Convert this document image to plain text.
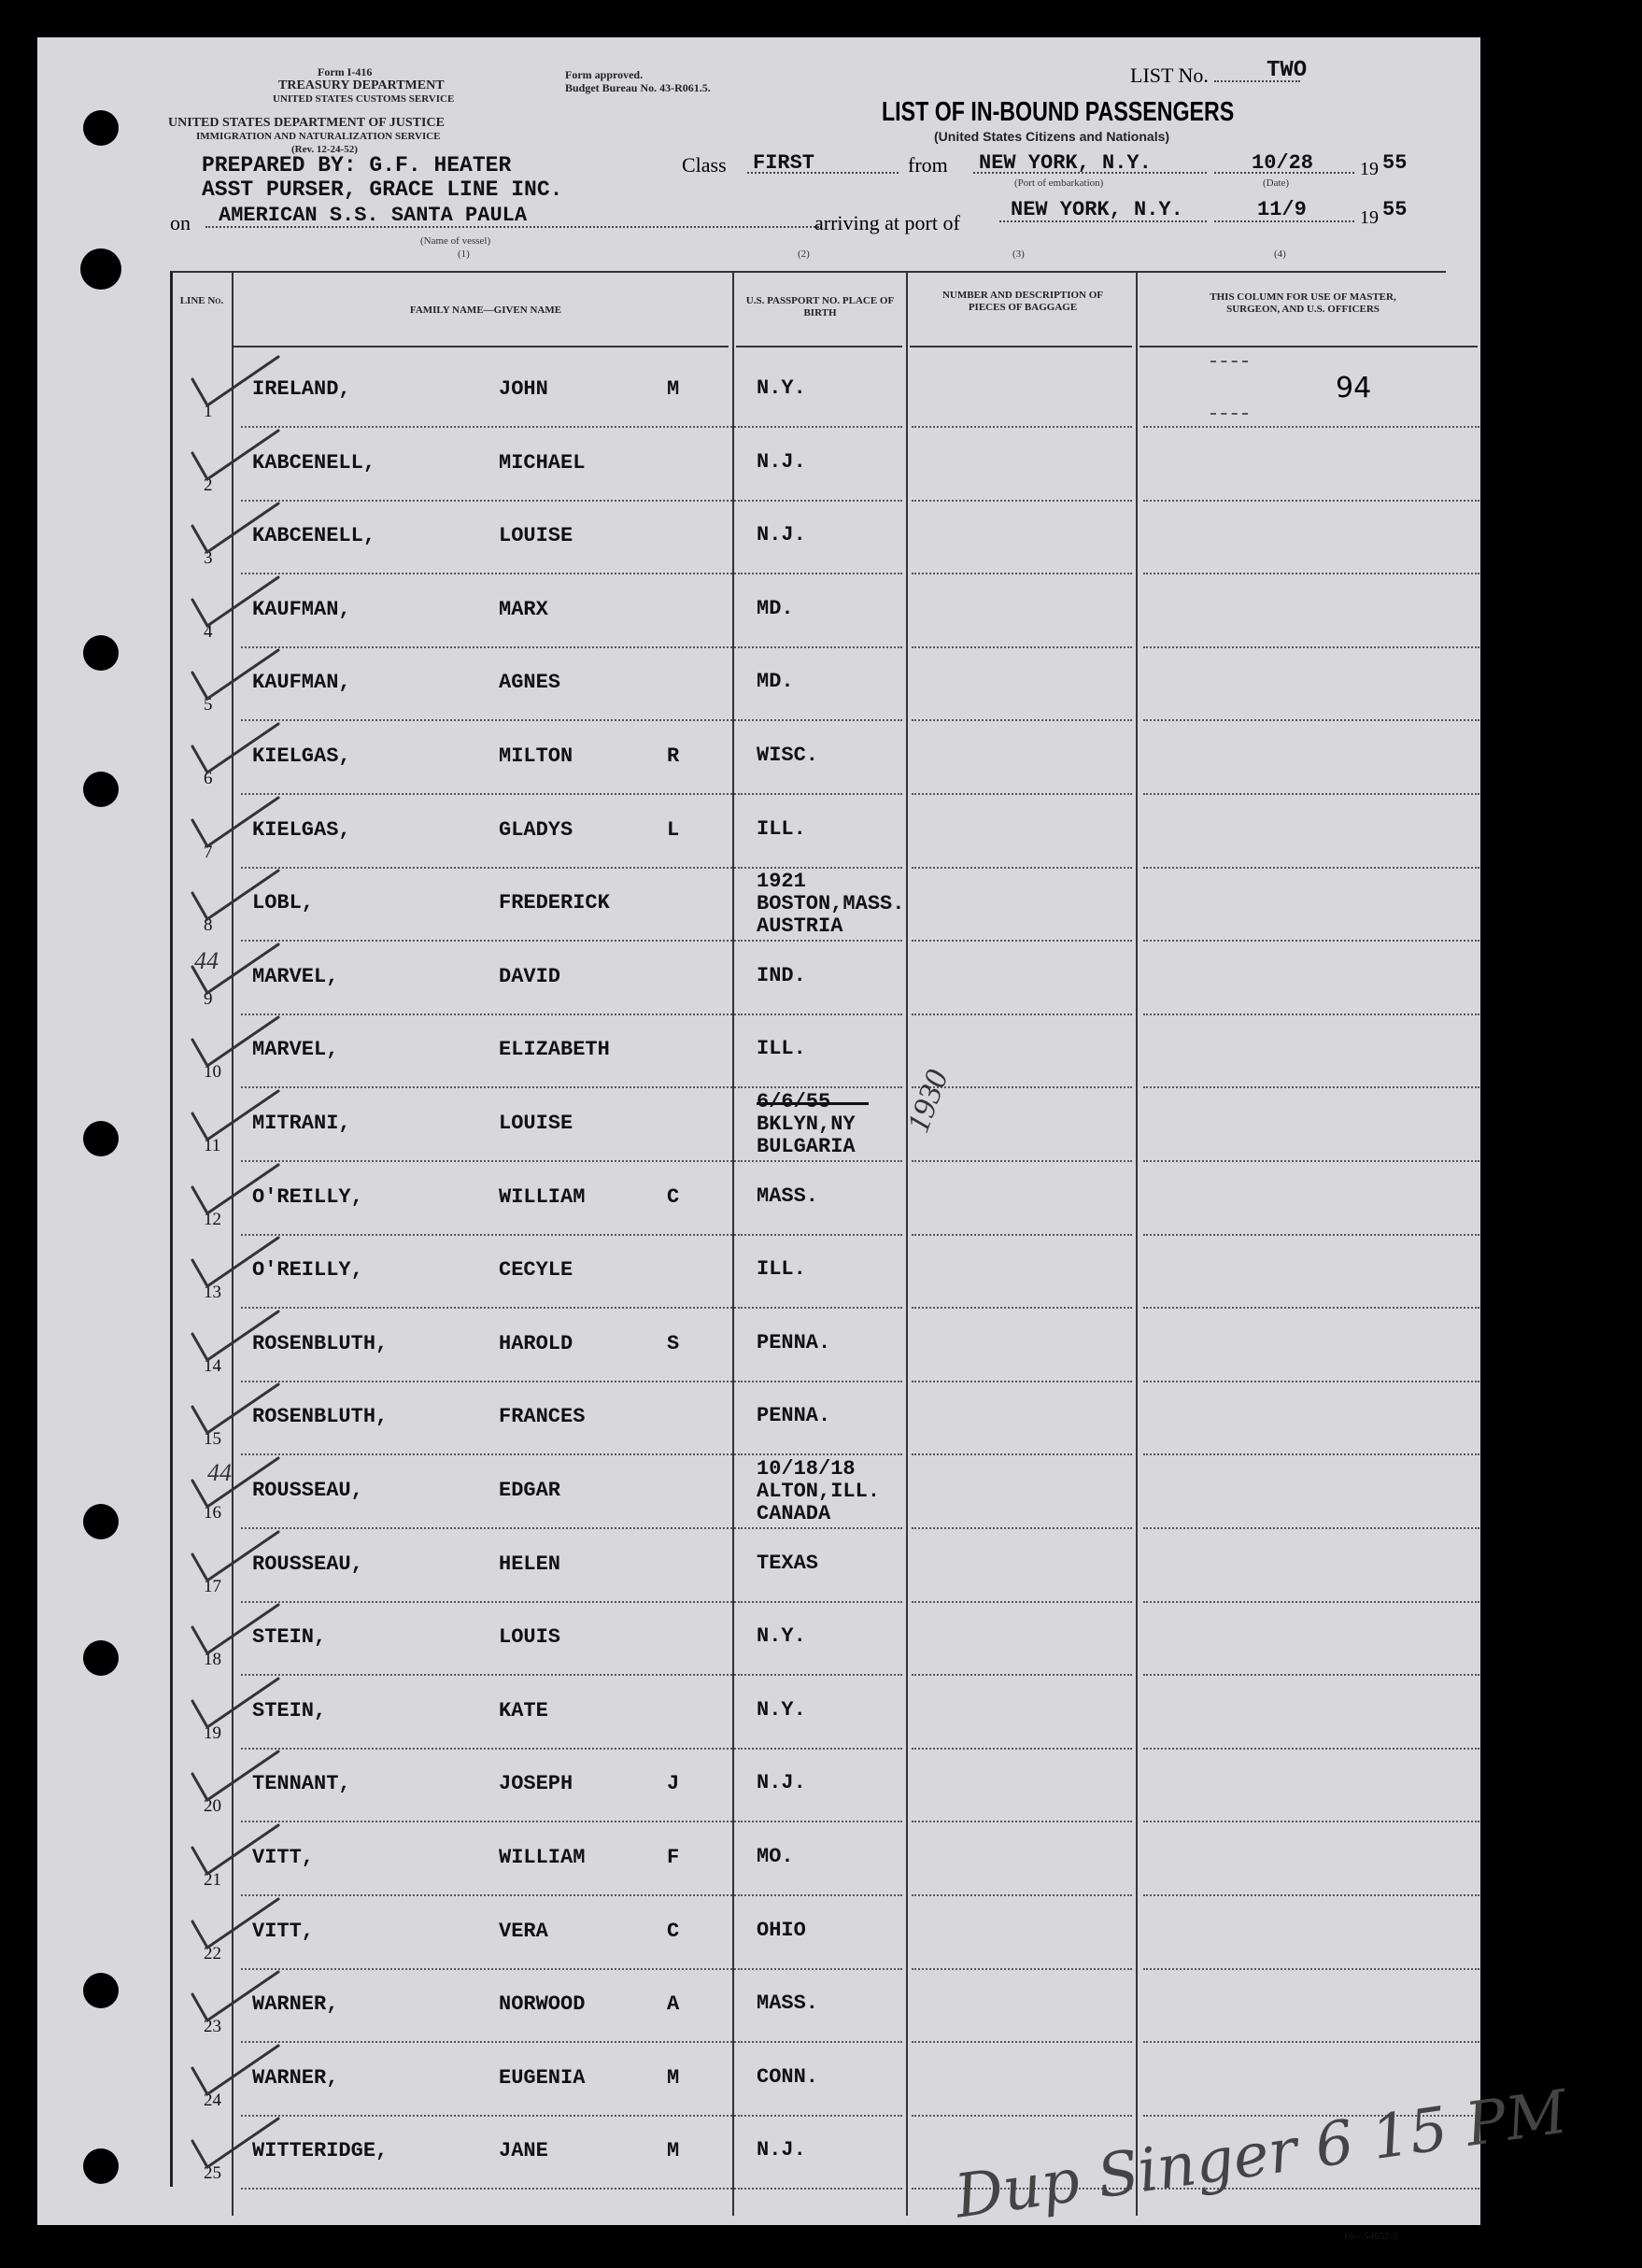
Form I-416
TREASURY DEPARTMENT
UNITED STATES CUSTOMS SERVICE
Form approved.
Budget Bureau No. 43-R061.5.
UNITED STATES DEPARTMENT OF JUSTICE
IMMIGRATION AND NATURALIZATION SERVICE
(Rev. 12-24-52)
LIST No.	TWO
LIST OF IN-BOUND PASSENGERS
(United States Citizens and Nationals)
PREPARED BY: G.F. HEATER
ASST PURSER, GRACE LINE INC.
on AMERICAN S.S. SANTA PAULA
(Name of vessel)
(1)
Class FIRST	from NEW YORK, N.Y.
(Port of embarkation)
10/28
(Date)
19 55
(2)
arriving at port of
NEW YORK, N.Y.
(3)
11/9	19 55
(4)
LINE No.
FAMILY NAME—GIVEN NAME
U.S. PASSPORT NO. PLACE OF BIRTH
NUMBER AND DESCRIPTION OF PIECES OF BAGGAGE
THIS COLUMN FOR USE OF MASTER, SURGEON, AND U.S. OFFICERS
1
IRELAND,	JOHN	M	N.Y.
2
KABCENELL,	MICHAEL	N.J.
3
KABCENELL,	LOUISE	N.J.
4
KAUFMAN,	MARX	MD.
5
KAUFMAN,	AGNES	MD.
6
KIELGAS,	MILTON	R	WISC.
7
KIELGAS,	GLADYS	L	ILL.
8
LOBL,	FREDERICK
1921
BOSTON,MASS.
AUSTRIA
9
MARVEL,	DAVID	IND.
10
MARVEL,	ELIZABETH	ILL.
11
MITRANI,	LOUISE
6/6/55
BKLYN,NY
BULGARIA
12
O'REILLY,	WILLIAM	C	MASS.
13
O'REILLY,	CECYLE	ILL.
14
ROSENBLUTH,	HAROLD	S	PENNA.
15
ROSENBLUTH,	FRANCES	PENNA.
16
ROUSSEAU,	EDGAR
10/18/18
ALTON,ILL.
CANADA
17
ROUSSEAU,	HELEN	TEXAS
18
STEIN,	LOUIS	N.Y.
19
STEIN,	KATE	N.Y.
20
TENNANT,	JOSEPH	J	N.J.
21
VITT,	WILLIAM	F	MO.
22
VITT,	VERA	C	OHIO
23
WARNER,	NORWOOD	A	MASS.
24
WARNER,	EUGENIA	M	CONN.
25
WITTERIDGE,	JANE	M	N.J.
94
1930
44
44
Dup Singer 6 15 PM
16—54652-2
